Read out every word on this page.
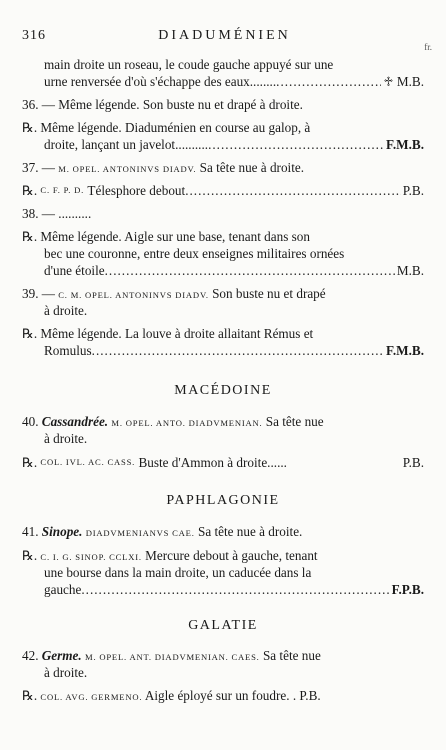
316	DIADUMÉNIEN
fr.
main droite un roseau, le coude gauche appuyé sur une
urne renversée d'où s'échappe des eaux........ .....	♱ M.B.
36. — Même légende. Son buste nu et drapé à droite.
℞. Même légende. Diaduménien en course au galop, à
droite, lançant un javelot.......... .....	F.M.B.
37. — M. OPEL. ANTONINVS DIADV. Sa tête nue à droite.
℞.
C. F. P. D.
Télesphore debout .....	P.B.
38. — ..........
℞. Même légende. Aigle sur une base, tenant dans son
bec une couronne, entre deux enseignes militaires ornées
d'une étoile .....	M.B.
39. — C. M. OPEL. ANTONINVS DIADV. Son buste nu et drapé
à droite.
℞. Même légende. La louve à droite allaitant Rémus et
Romulus .....	F.M.B.
MACÉDOINE
40. Cassandrée. M. OPEL. ANTO. DIADVMENIAN. Sa tête nue
à droite.
℞.
COL. IVL. AC. CASS.
Buste d'Ammon à droite......	P.B.
PAPHLAGONIE
41. Sinope. DIADVMENIANVS CAE. Sa tête nue à droite.
℞. C. I. G. SINOP. CCLXI. Mercure debout à gauche, tenant
une bourse dans la main droite, un caducée dans la
gauche .....	F.P.B.
GALATIE
42. Germe. M. OPEL. ANT. DIADVMENIAN. CAES. Sa tête nue
à droite.
℞. COL. AVG. GERMENO. Aigle éployé sur un foudre. . P.B.
